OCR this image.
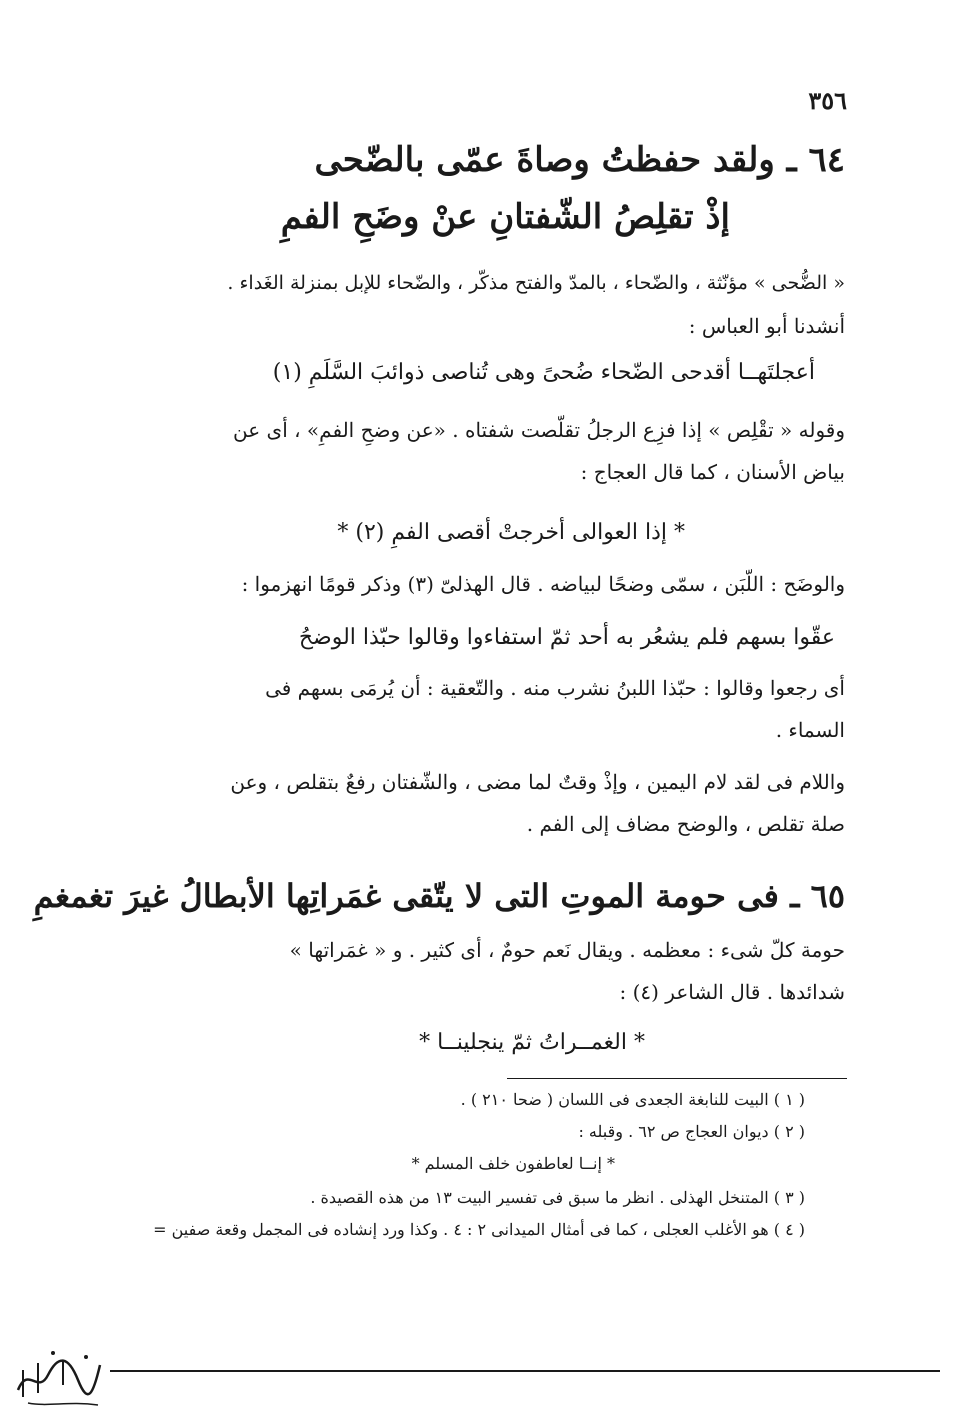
٣٥٦
٦٤ ـ ولقد حفظتُ وصاةَ عمّى بالضّحى
إذْ تقلِصُ الشّفتانِ عنْ وضَحِ الفمِ
« الضُّحى » مؤنّثة ، والضّحاء ، بالمدّ والفتح مذكّر ، والضّحاء للإبل بمنزلة الغَداء .
أنشدنا أبو العباس :
أعجلتَهــا أقدحى الضّحاء ضُحىً وهى تُناصى ذوائبَ السَّلَمِ (١)
وقوله « تقْلِص » إذا فزِع الرجلُ تقلّصت شفتاه . «عن وضحِ الفمِ» ، أى عن
بياض الأسنان ، كما قال العجاج :
* إذا العوالى أخرجتْ أقصى الفمِ (٢) *
والوضَح : اللّبَن ، سمّى وضحًا لبياضه . قال الهذلىّ (٣) وذكر قومًا انهزموا :
عقّوا بسهم فلم يشعُر به أحد ثمّ استفاءوا وقالوا حبّذا الوضحُ
أى رجعوا وقالوا : حبّذا اللبنُ نشرب منه . والتّعقية : أن يُرمَى بسهم فى
السماء .
واللام فى لقد لام اليمين ، وإذْ وقتٌ لما مضى ، والشّفتان رفعٌ بتقلص ، وعن
صلة تقلص ، والوضح مضاف إلى الفم .
٦٥ ـ فى حومة الموتِ التى لا يتّقى غمَراتِها الأبطالُ غيرَ تغمغمِ
حومة كلّ شىء : معظمه . ويقال نَعم حومٌ ، أى كثير . و « غمَراتها »
شدائدها . قال الشاعر (٤) :
* الغمــراتُ ثمّ ينجلينــا *
( ١ ) البيت للنابغة الجعدى فى اللسان ( ضحا ٢١٠ ) .
( ٢ ) ديوان العجاج ص ٦٢ . وقبله :
* إنــا لعاطفون خلف المسلم *
( ٣ ) المتنخل الهذلى . انظر ما سبق فى تفسير البيت ١٣ من هذه القصيدة .
( ٤ ) هو الأغلب العجلى ، كما فى أمثال الميدانى ٢ : ٤ . وكذا ورد إنشاده فى المجمل وقعة صفين =
